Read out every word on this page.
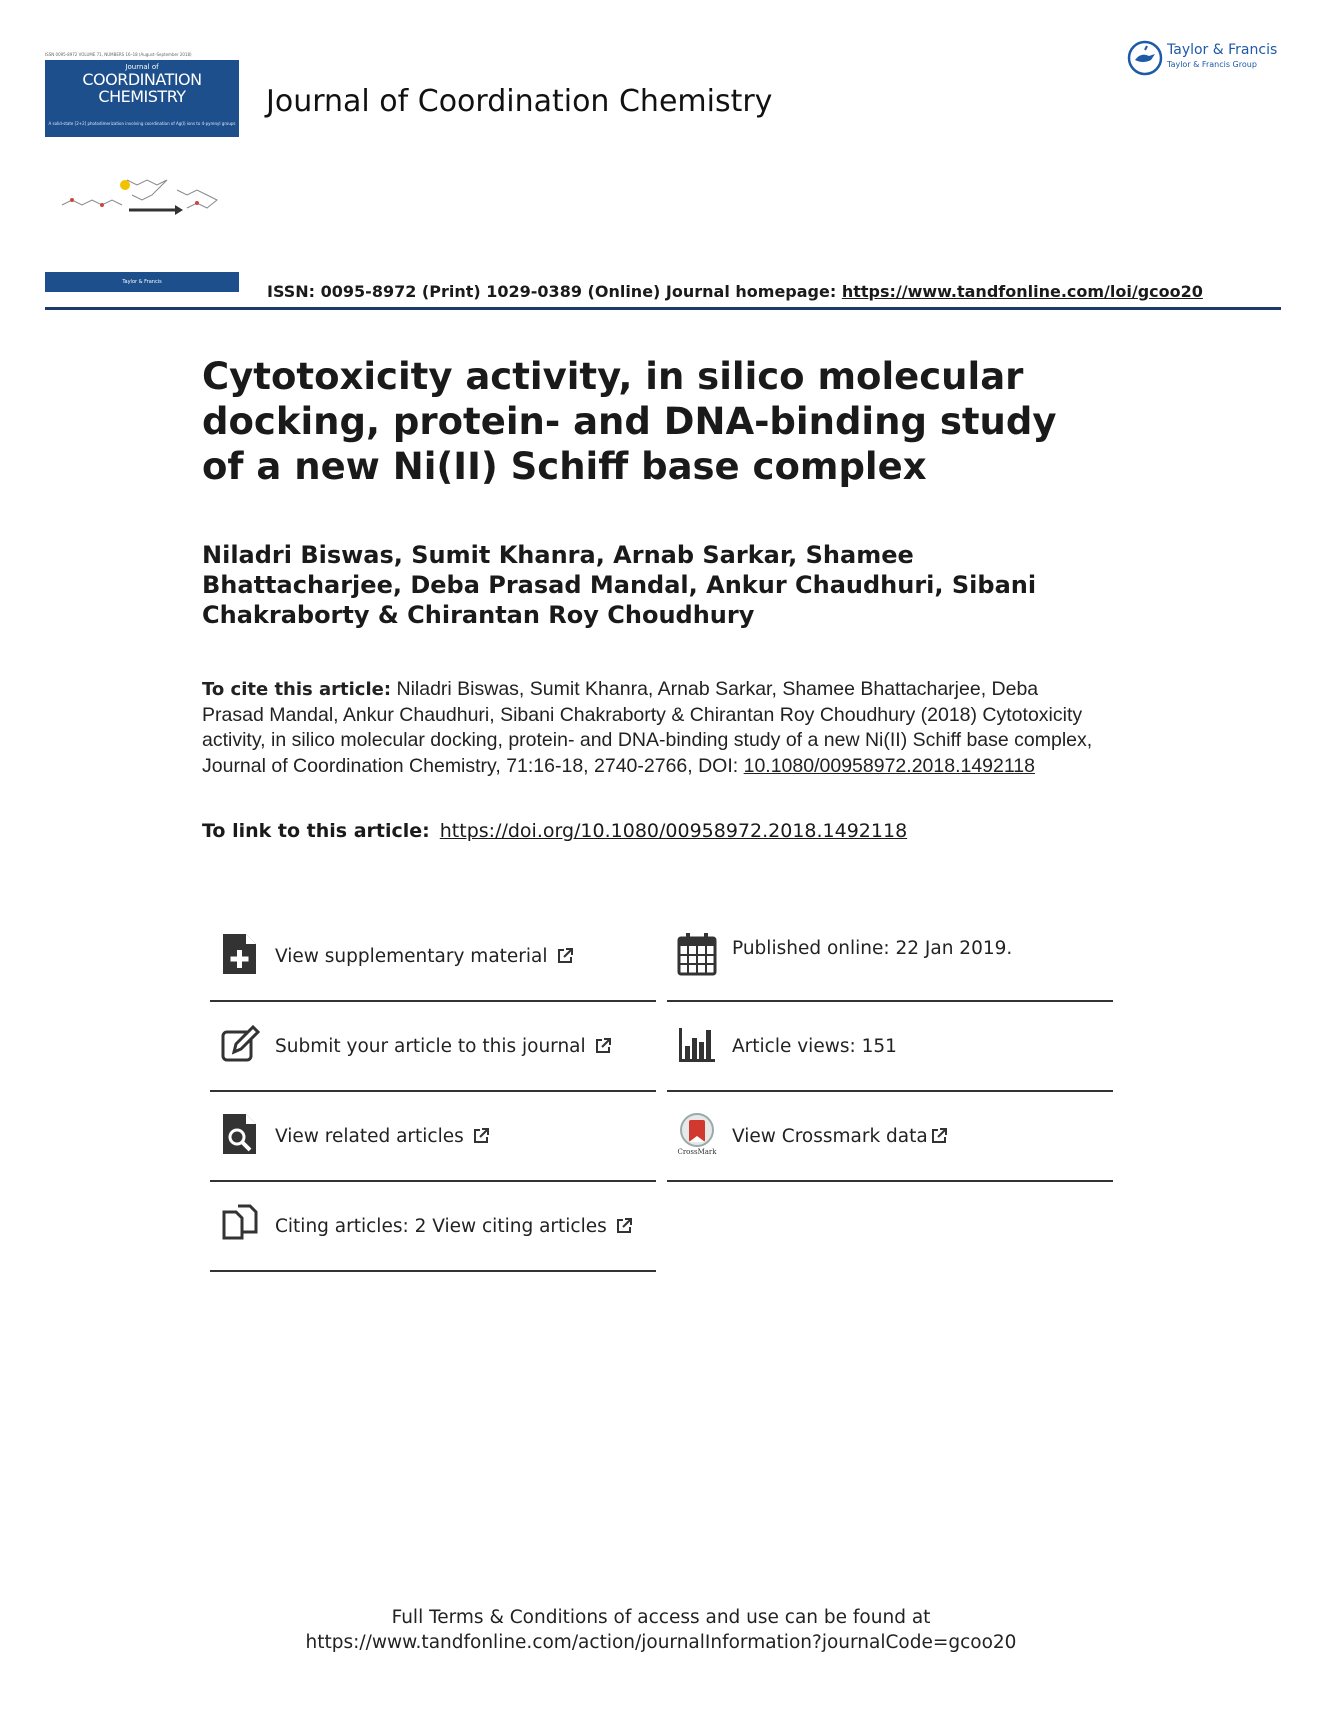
ISSN 0095-8972 VOLUME 71, NUMBERS 16–18 (August–September 2018)
Journal of
COORDINATION
CHEMISTRY
A solid-state [2+2] photodimerization involving coordination of Ag(I) ions to 4-pyrenyl groups
Taylor & Francis
Journal of Coordination Chemistry
Taylor & Francis
Taylor & Francis Group
ISSN: 0095-8972 (Print) 1029-0389 (Online) Journal homepage: https://www.tandfonline.com/loi/gcoo20
Cytotoxicity activity, in silico molecular docking, protein- and DNA-binding study of a new Ni(II) Schiff base complex
Niladri Biswas, Sumit Khanra, Arnab Sarkar, Shamee Bhattacharjee, Deba Prasad Mandal, Ankur Chaudhuri, Sibani Chakraborty & Chirantan Roy Choudhury
To cite this article: Niladri Biswas, Sumit Khanra, Arnab Sarkar, Shamee Bhattacharjee, Deba Prasad Mandal, Ankur Chaudhuri, Sibani Chakraborty & Chirantan Roy Choudhury (2018) Cytotoxicity activity, in silico molecular docking, protein- and DNA-binding study of a new Ni(II) Schiff base complex, Journal of Coordination Chemistry, 71:16-18, 2740-2766, DOI: 10.1080/00958972.2018.1492118
To link to this article: https://doi.org/10.1080/00958972.2018.1492118
View supplementary material	Published online: 22 Jan 2019.
Submit your article to this journal	Article views: 151
View related articles
CrossMark
View Crossmark data
Citing articles: 2 View citing articles
Full Terms & Conditions of access and use can be found at
https://www.tandfonline.com/action/journalInformation?journalCode=gcoo20
